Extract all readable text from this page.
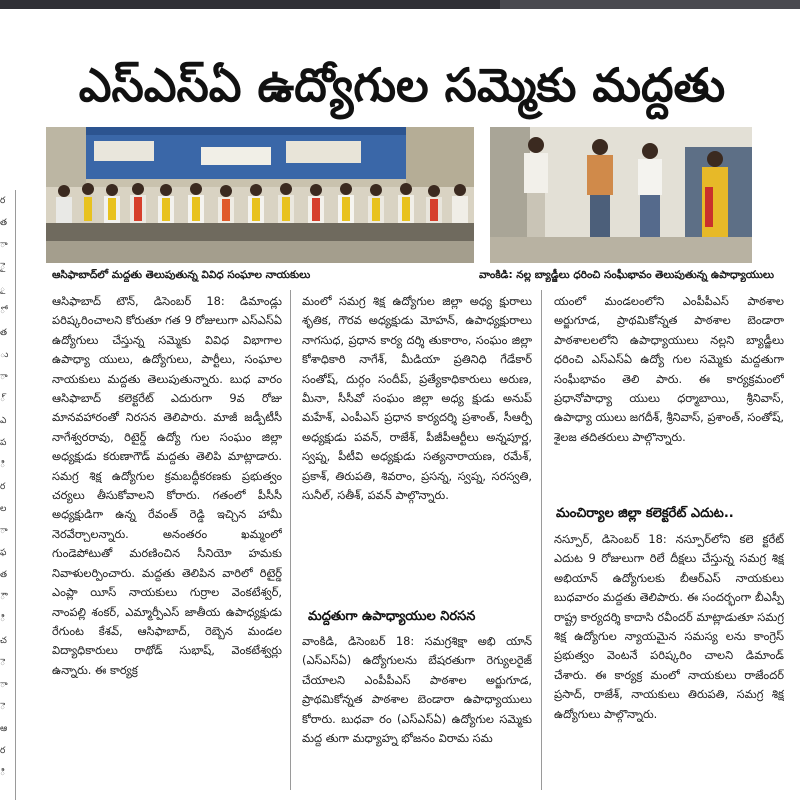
ర
త
ా
ై
ౖ
ో
త
ు
ా
్
ఎ
ప
ి
ర
ల
ా
ఫ
త
ౌ
ి
చ
ె
ా
ె
ఆ
ర
ి
ఎస్ఎస్ఏ ఉద్యోగుల సమ్మెకు మద్దతు
ఆసిఫాబాద్‌లో మద్దతు తెలుపుతున్న వివిధ సంఘాల నాయకులు	వాంకిడి: నల్ల బ్యాడ్జీలు ధరించి సంఘీభావం తెలుపుతున్న ఉపాధ్యాయులు

ఆసిఫాబాద్ టౌన్, డిసెంబర్ 18: డిమాండ్లు పరిష్కరించాలని కోరుతూ గత 9 రోజులుగా ఎస్ఎస్ఏ ఉద్యోగులు చేస్తున్న సమ్మెకు వివిధ విభాగాల ఉపాధ్యా యులు, ఉద్యోగులు, పార్టీలు, సంఘాల నాయకులు మద్దతు తెలుపుతున్నారు. బుధ వారం ఆసిఫాబాద్ కలెక్టరేట్ ఎదురుగా 9వ రోజు మానవహారంతో నిరసన తెలిపారు. మాజీ జడ్పీటీసీ నాగేశ్వరరావు, రిటైర్డ్ ఉద్యో గుల సంఘం జిల్లా అధ్యక్షుడు కరుణాగౌడ్ మద్దతు తెలిపి మాట్లాడారు. సమగ్ర శిక్ష ఉద్యోగుల క్రమబద్ధీకరణకు ప్రభుత్వం చర్యలు తీసుకోవాలని కోరారు. గతంలో పీసీసీ అధ్యక్షుడిగా ఉన్న రేవంత్ రెడ్డి ఇచ్చిన హామీ నెరవేర్చాలన్నారు. అనంతరం ఖమ్మంలో గుండెపోటుతో మరణించిన సీనియో హమకు నివాళులర్పించారు. మద్దతు తెలిపిన వారిలో రిటైర్డ్ ఎంప్లా యీస్ నాయకులు గుర్రాల వెంకటేశ్వర్, నాంపల్లి శంకర్, ఎమ్మార్పీఎస్ జాతీయ ఉపాధ్యక్షుడు రేగుంట కేశవ్, ఆసిఫాబాద్, రెబ్బెన మండల విద్యాధికారులు రాథోడ్ సుభాష్, వెంకటేశ్వర్లు ఉన్నారు. ఈ కార్యక్ర

మంలో సమగ్ర శిక్ష ఉద్యోగుల జిల్లా అధ్య క్షురాలు శృతిక, గౌరవ అధ్యక్షుడు మోహన్, ఉపాధ్యక్షురాలు నాగసుధ, ప్రధాన కార్య దర్శి తుకారాం, సంఘం జిల్లా కోశాధికారి నాగేశ్, మీడియా ప్రతినిధి గేడేకార్ సంతోష్, దుర్గం సందీప్, ప్రత్యేకాధికారులు అరుణ, మీనా, సీసీవో సంఘం జిల్లా అధ్య క్షుడు అనుప్ మహేశ్, ఎంపీఎస్ ప్రధాన కార్యదర్శి ప్రశాంత్, సీఆర్పీ అధ్యక్షుడు పవన్, రాజేశ్, పీజీపీఆర్టీలు అన్నపూర్ణ, స్వప్న, పీటీవి అధ్యక్షుడు సత్యనారాయణ, రమేశ్, ప్రకాశ్, తిరుపతి, శివరాం, ప్రసన్న, స్వప్న, సరస్వతి, సునీల్, సతీశ్, పవన్ పాల్గొన్నారు.

మద్దతుగా ఉపాధ్యాయుల నిరసన

వాంకిడి, డిసెంబర్ 18: సమగ్రశిక్షా అభి యాన్ (ఎస్ఎస్ఏ) ఉద్యోగులను బేషరతుగా రెగ్యులరైజ్ చేయాలని ఎంపీపీఎస్ పాఠశాల అర్జుగూడ, ప్రాథమికోన్నత పాఠశాల బెండారా ఉపాధ్యాయులు కోరారు. బుధవా రం (ఎస్ఎస్ఏ) ఉద్యోగుల సమ్మెకు మద్ద తుగా మధ్యాహ్న భోజనం విరామ సమ

యంలో మండలంలోని ఎంపీపీఎస్ పాఠశాల అర్జుగూడ, ప్రాథమికోన్నత పాఠశాల బెండారా పాఠశాలలలోని ఉపాధ్యాయులు నల్లని బ్యాడ్జీలు ధరించి ఎస్ఎస్ఏ ఉద్యో గుల సమ్మెకు మద్దతుగా సంఘీభావం తెలి పారు. ఈ కార్యక్రమంలో ప్రధానోపాధ్యా యులు ధర్మాబాయి, శ్రీనివాస్, ఉపాధ్యా యులు జగదీశ్, శ్రీనివాస్, ప్రశాంత్, సంతోష్, శైలజ తదితరులు పాల్గొన్నారు.

మంచిర్యాల జిల్లా కలెక్టరేట్ ఎదుట..

నస్పూర్, డిసెంబర్ 18: నస్పూర్‌లోని కలె క్టరేట్ ఎదుట 9 రోజులుగా రిలే దీక్షలు చేస్తున్న సమగ్ర శిక్ష అభియాన్ ఉద్యోగులకు బీఆర్ఎస్ నాయకులు బుధవారం మద్దతు తెలిపారు. ఈ సందర్భంగా బీఎస్పీ రాష్ట్ర కార్యదర్శి కాదాసి రవీందర్ మాట్లాడుతూ సమగ్ర శిక్ష ఉద్యోగుల న్యాయమైన సమస్య లను కాంగ్రెస్ ప్రభుత్వం వెంటనే పరిష్కరిం చాలని డిమాండ్ చేశారు. ఈ కార్యక్ర మంలో నాయకులు రాజేందర్ ప్రసాద్, రాజేశ్, నాయకులు తిరుపతి, సమగ్ర శిక్ష ఉద్యోగులు పాల్గొన్నారు.
